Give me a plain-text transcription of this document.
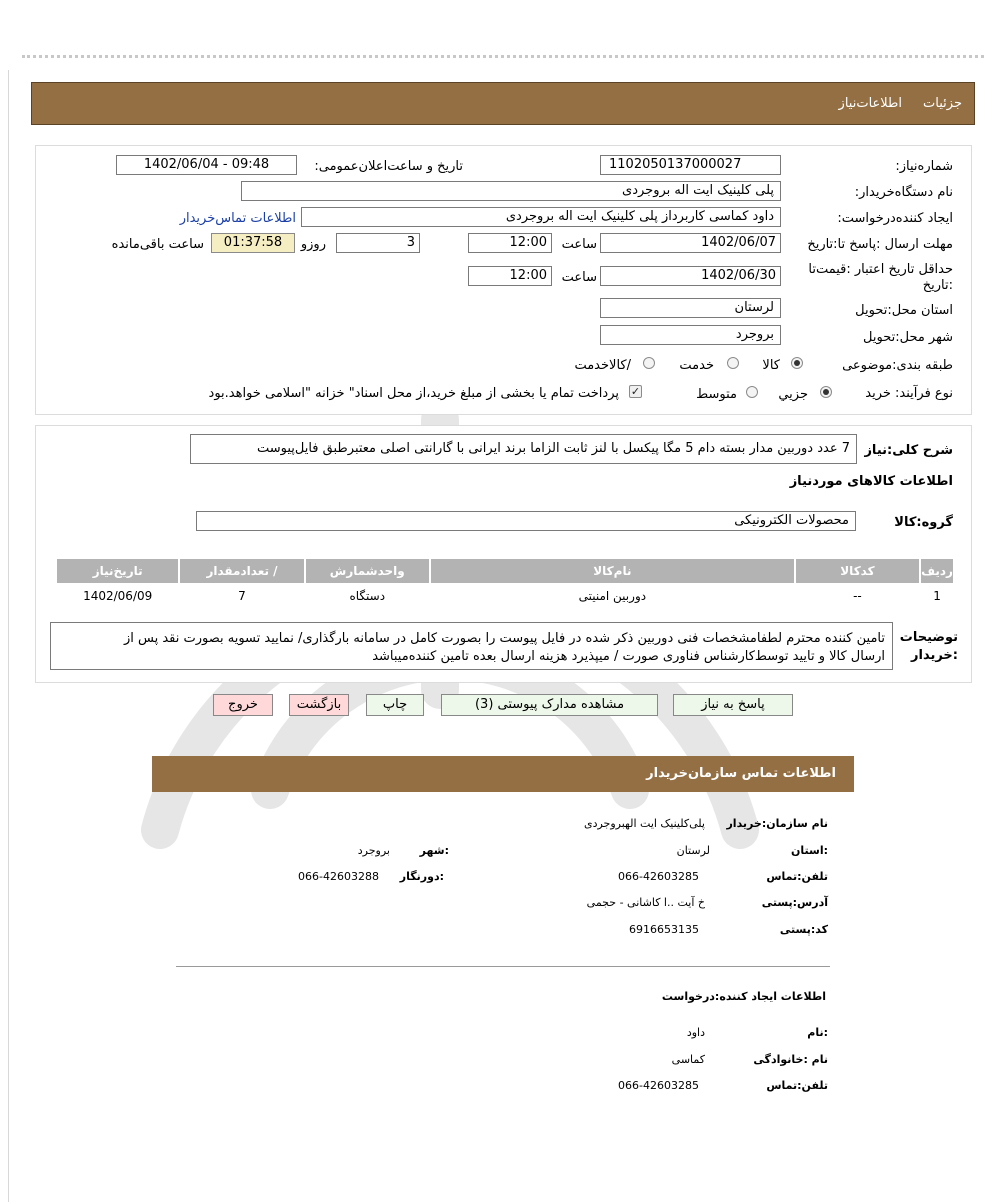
جزئیات
اطلاعات‌نیاز
شماره‌نیاز:
1102050137000027
تاریخ و ساعت‌اعلان‌عمومی:
1402/06/04 - 09:48
نام دستگاه‌خریدار:
پلی کلینیک ایت اله بروجردی
ایجاد کننده‌درخواست:
داود کماسی کاربرداز پلی کلینیک ایت اله بروجردی
اطلاعات تماس‌خریدار
مهلت ارسال :پاسخ تا:تاریخ
1402/06/07
ساعت
12:00
3
روزو
01:37:58
ساعت باقی‌مانده
حداقل تاریخ اعتبار :قیمت‌تا
:تاریخ
1402/06/30
ساعت
12:00
استان محل:تحویل
لرستان
شهر محل:تحویل
بروجرد
طبقه بندی:موضوعی
کالا
خدمت
/کالاخدمت
نوع فرآیند: خرید
جزیي
متوسط
✓
پرداخت تمام یا بخشی از مبلغ خرید،از محل اسناد" خزانه "اسلامی خواهد.بود
شرح کلی:نیاز
7 عدد دوربین مدار بسته دام 5 مگا پیکسل با لنز ثابت الزاما برند ایرانی با گارانتی اصلی معتبرطبق فایل‌پیوست
اطلاعات کالاهای مورد‌نیاز
گروه:کالا
محصولات الکترونیکی
ردیف	کدکالا	نام‌کالا	واحدشمارش	/ تعدادمقدار	تاریخ‌نیاز
1	--	دوربین امنیتی	دستگاه	7	1402/06/09
توضیحات
:خریدار
تامین کننده محترم لطفا‌مشخصات فنی دوربین ذکر شده در فایل پیوست را بصورت کامل در سامانه بارگذاری/ نمایید تسویه بصورت نقد پس از
ارسال کالا و تایید توسط‌کارشناس فناوری صورت / میپذیرد هزینه ارسال بعده تامین کننده‌میباشد
پاسخ به نیاز
مشاهده مدارک پیوستی (3)
چاپ
بازگشت
خروج
اطلاعات تماس سازمان‌خریدار
نام سازمان:خریدار
پلی‌کلینیک ایت الهبروجردی
:استان
لرستان
:شهر
بروجرد
تلفن:تماس
066-42603285
:دورنگار
066-42603288
آدرس:پستی
خ آیت ..ا کاشانی - حجمی
کد:پستی
6916653135
اطلاعات ایجاد کننده:درخواست
:نام
داود
نام :خانوادگی
کماسی
تلفن:تماس
066-42603285
